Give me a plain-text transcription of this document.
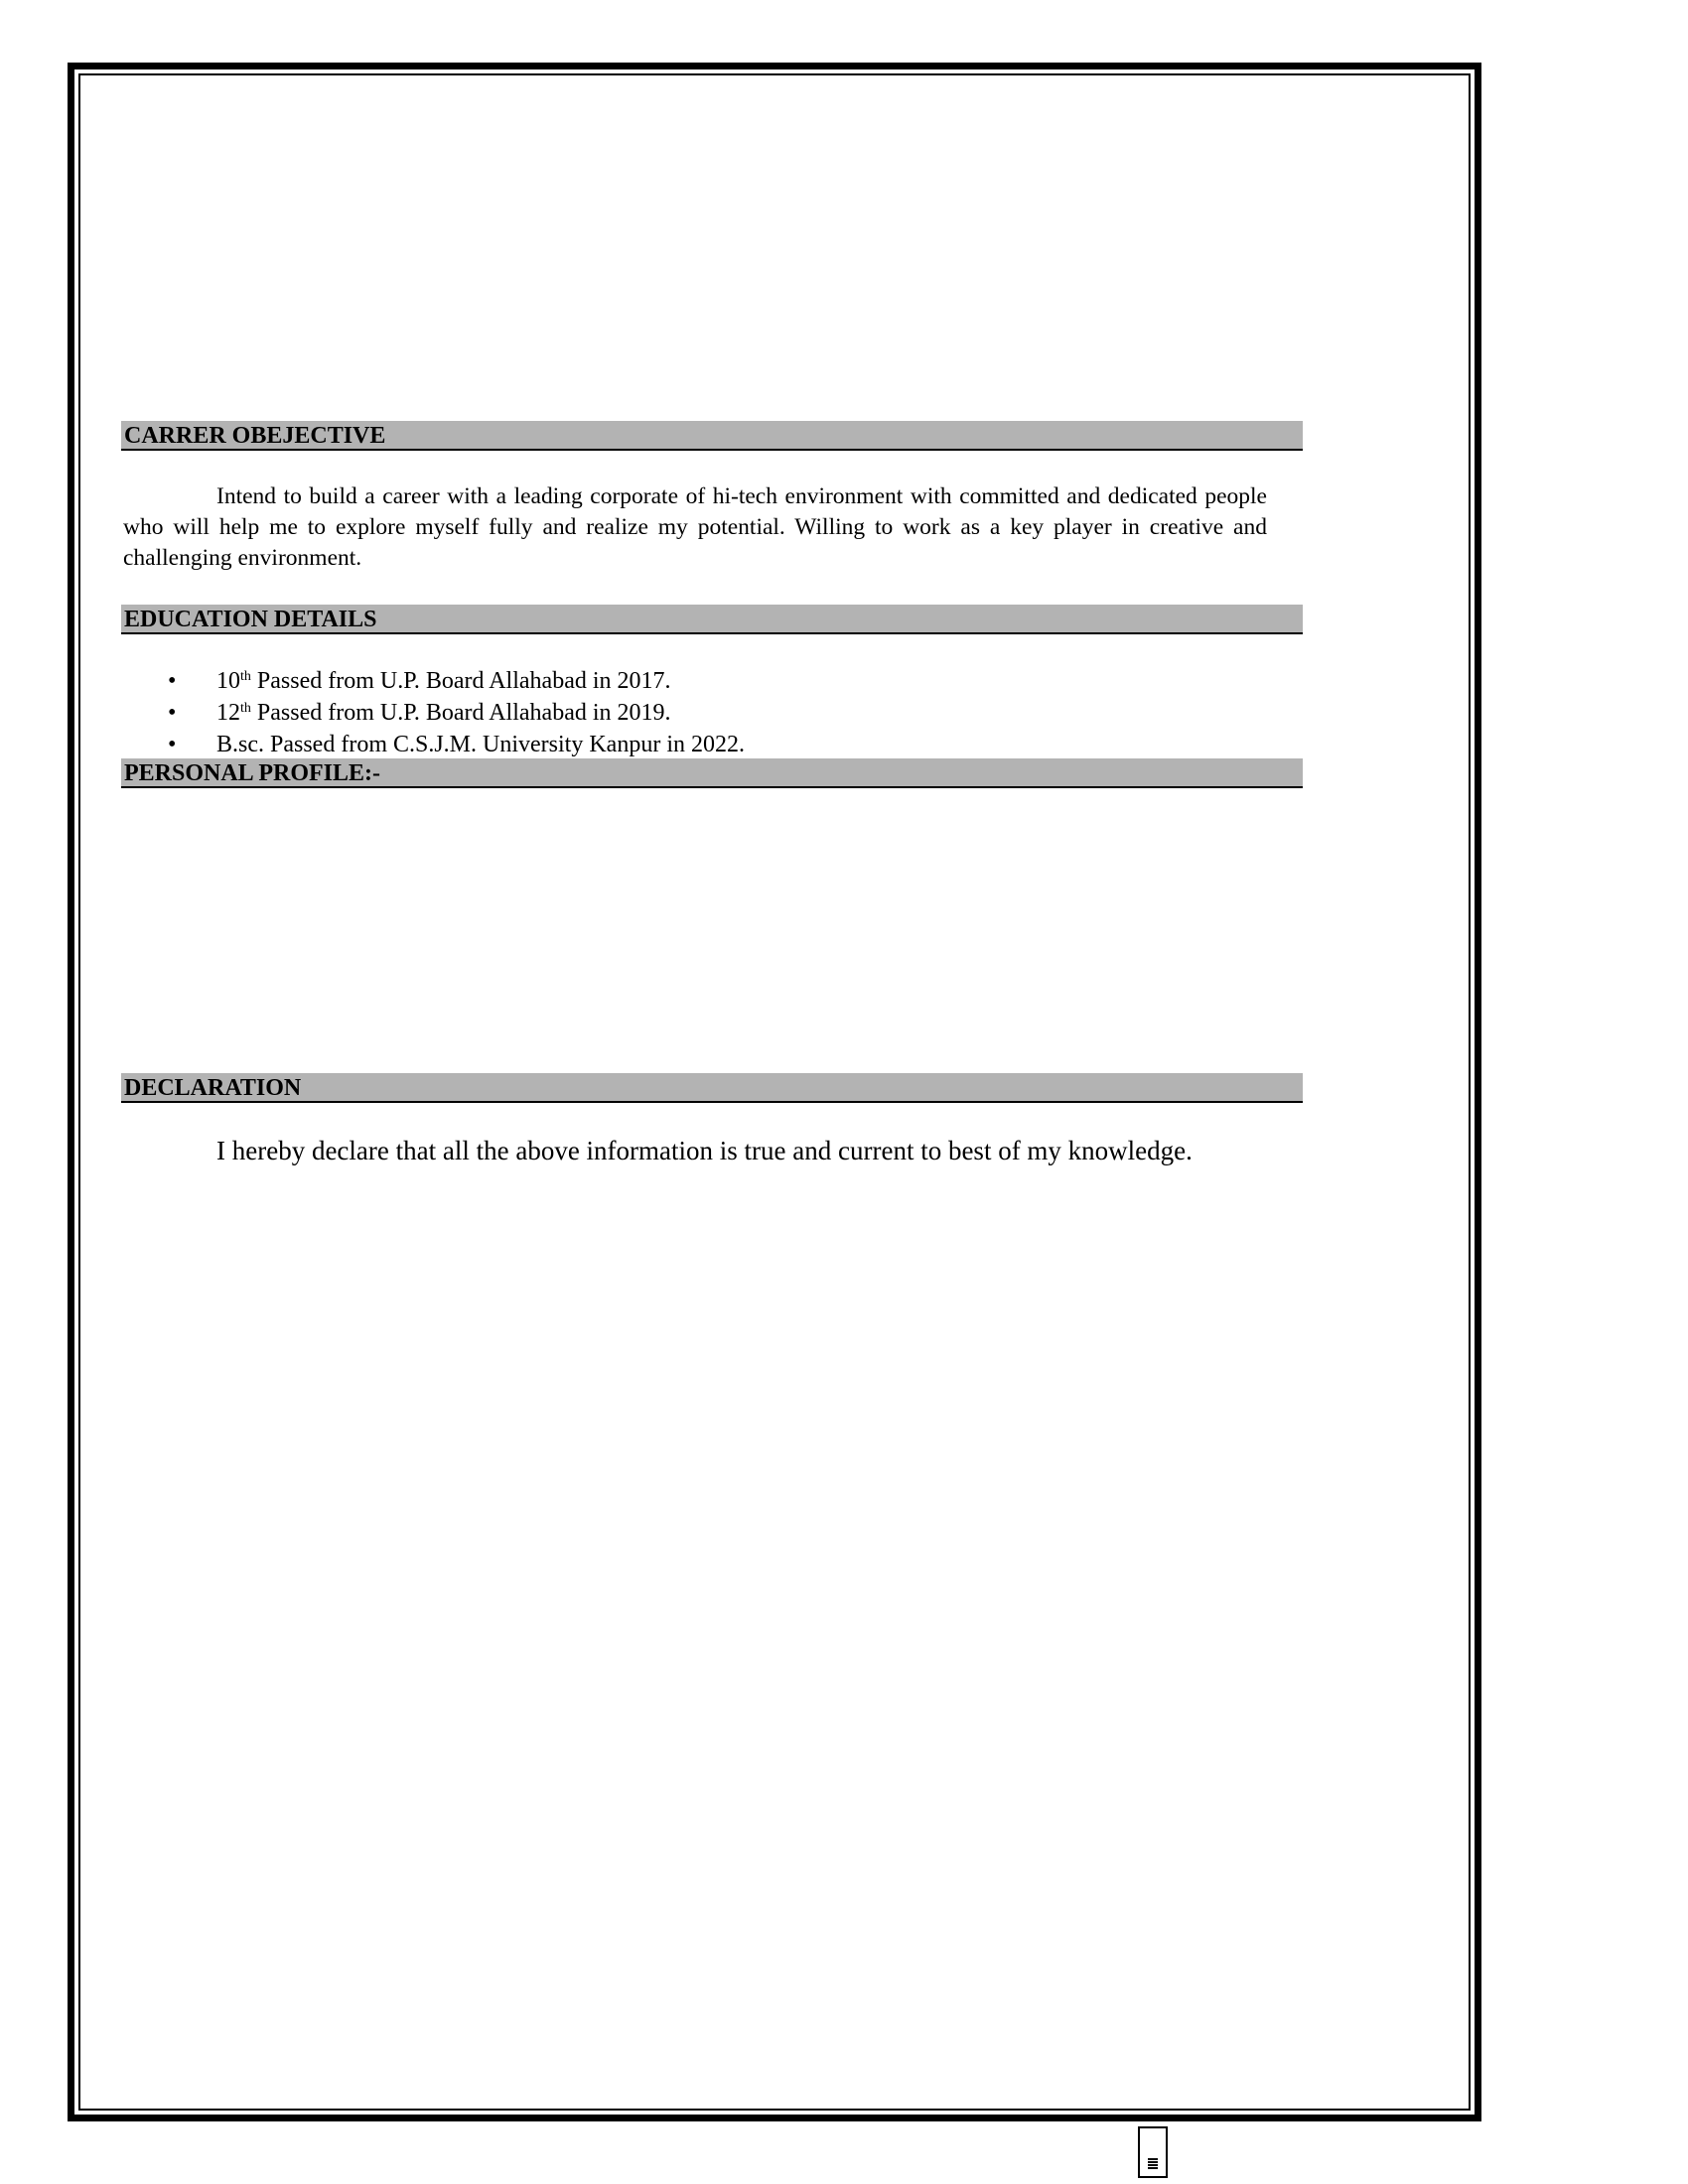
CARRER OBEJECTIVE
Intend to build a career with a leading corporate of hi-tech environment with committed and dedicated people who will help me to explore myself fully and realize my potential. Willing to work as a key player in creative and challenging environment.
EDUCATION DETAILS
• 10th Passed from U.P. Board Allahabad in 2017.
• 12th Passed from U.P. Board Allahabad in 2019.
• B.sc. Passed from C.S.J.M. University Kanpur in 2022.
PERSONAL PROFILE:-
DECLARATION
I hereby declare that all the above information is true and current to best of my knowledge.
